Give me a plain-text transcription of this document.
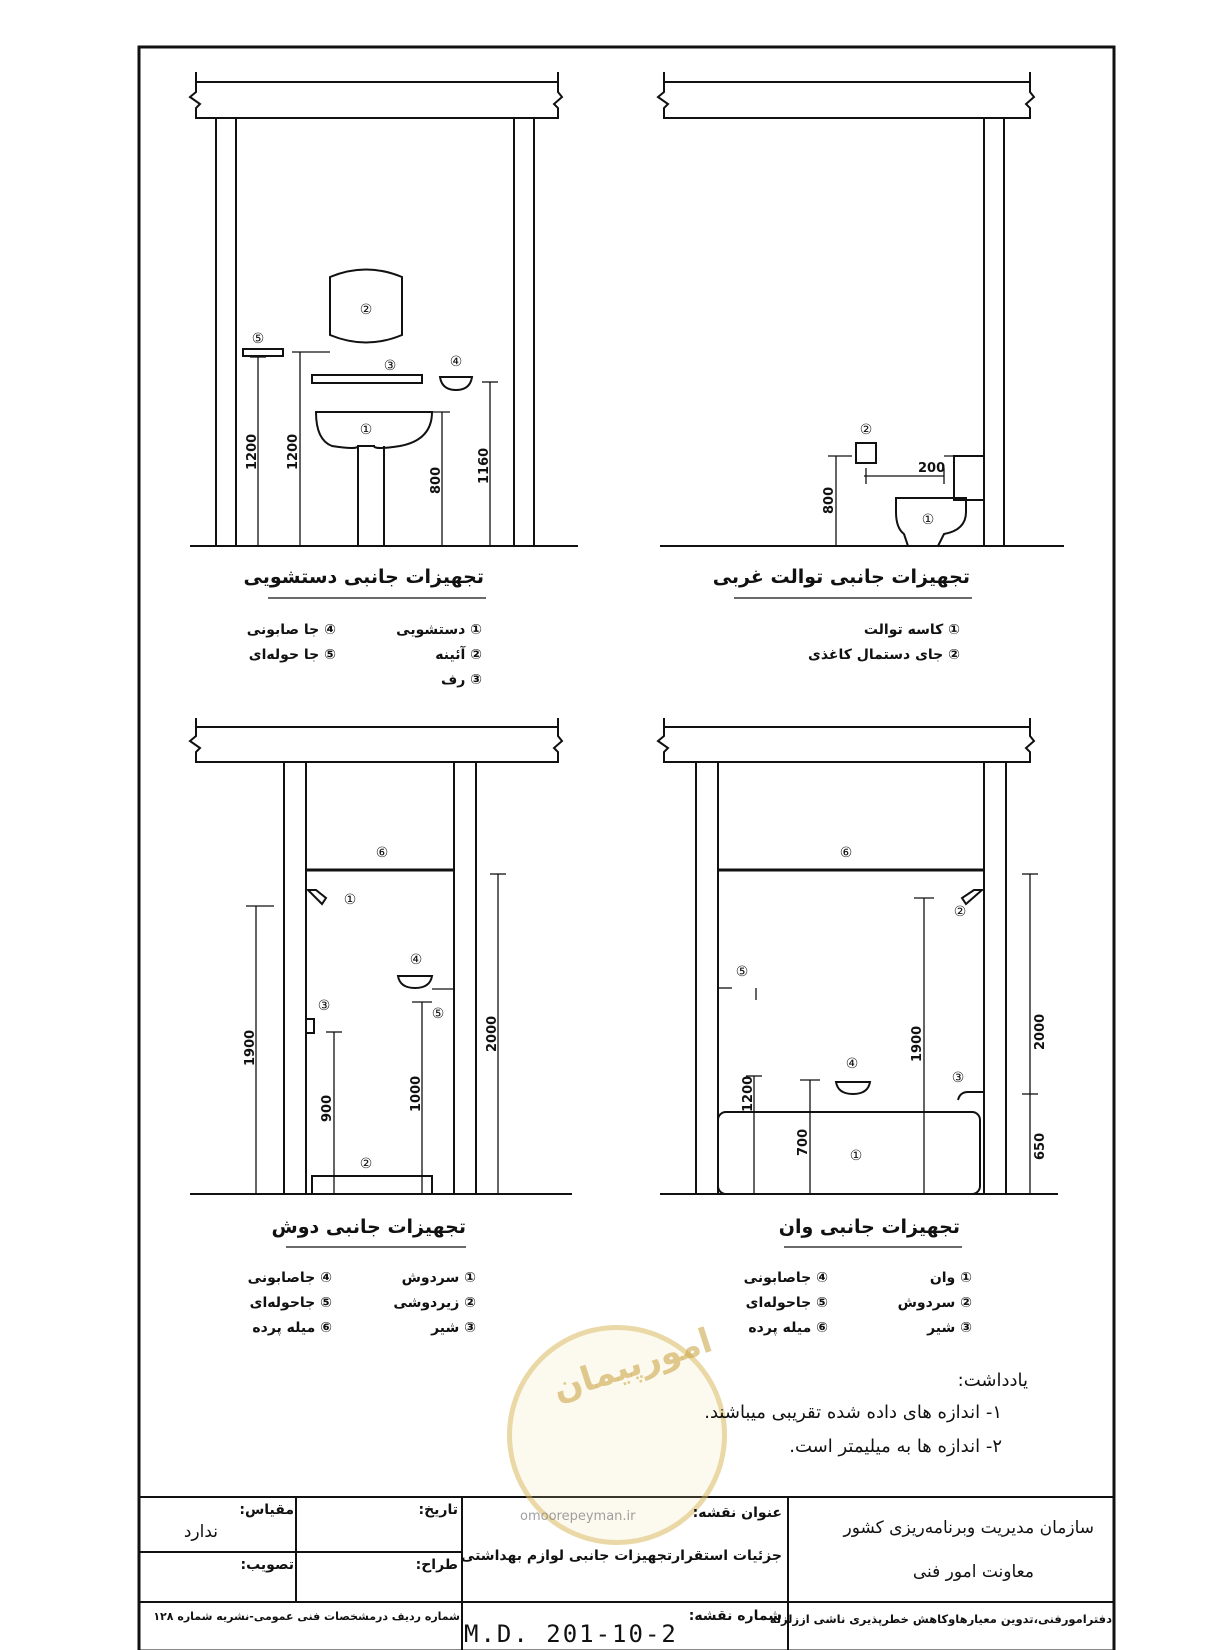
1200 1200
800	1160
②
③	④
⑤
①
800
200
②
①
1900
900	1000
2000
⑥
①
④
⑤
③
②
1200
700
1900	2000
650
⑥
②
⑤
④
③
①
تجهیزات جانبی دستشویی	تجهیزات جانبی توالت غربی
تجهیزات جانبی دوش	تجهیزات جانبی وان
① دستشویی
② آئینه
③ رف
④ جا صابونی
⑤ جا حوله‌ای
① کاسه توالت
② جای دستمال کاغذی
① سردوش
② زیردوشی
③ شیر
④ جاصابونی
⑤ جاحوله‌ای
⑥ میله پرده
① وان
② سردوش
③ شیر
④ جاصابونی
⑤ جاحوله‌ای
⑥ میله پرده
امورپیمان
omoorepeyman.ir
یادداشت:
۱- اندازه های داده شده تقریبی میباشند.
۲- اندازه ها به میلیمتر است.
سازمان مدیریت وبرنامه‌ریزی کشور
معاونت امور فنی
دفترامورفنی،تدوین معیارهاوکاهش خطرپذیری ناشی اززلزله
عنوان نقشه:
جزئیات استقرارتجهیزات جانبی لوازم بهداشتی
شماره نقشه:
M.D. 201-10-2
تاریخ:
طراح:
مقیاس:
ندارد
تصویب:
شماره ردیف درمشخصات فنی عمومی-نشریه شماره ۱۲۸
